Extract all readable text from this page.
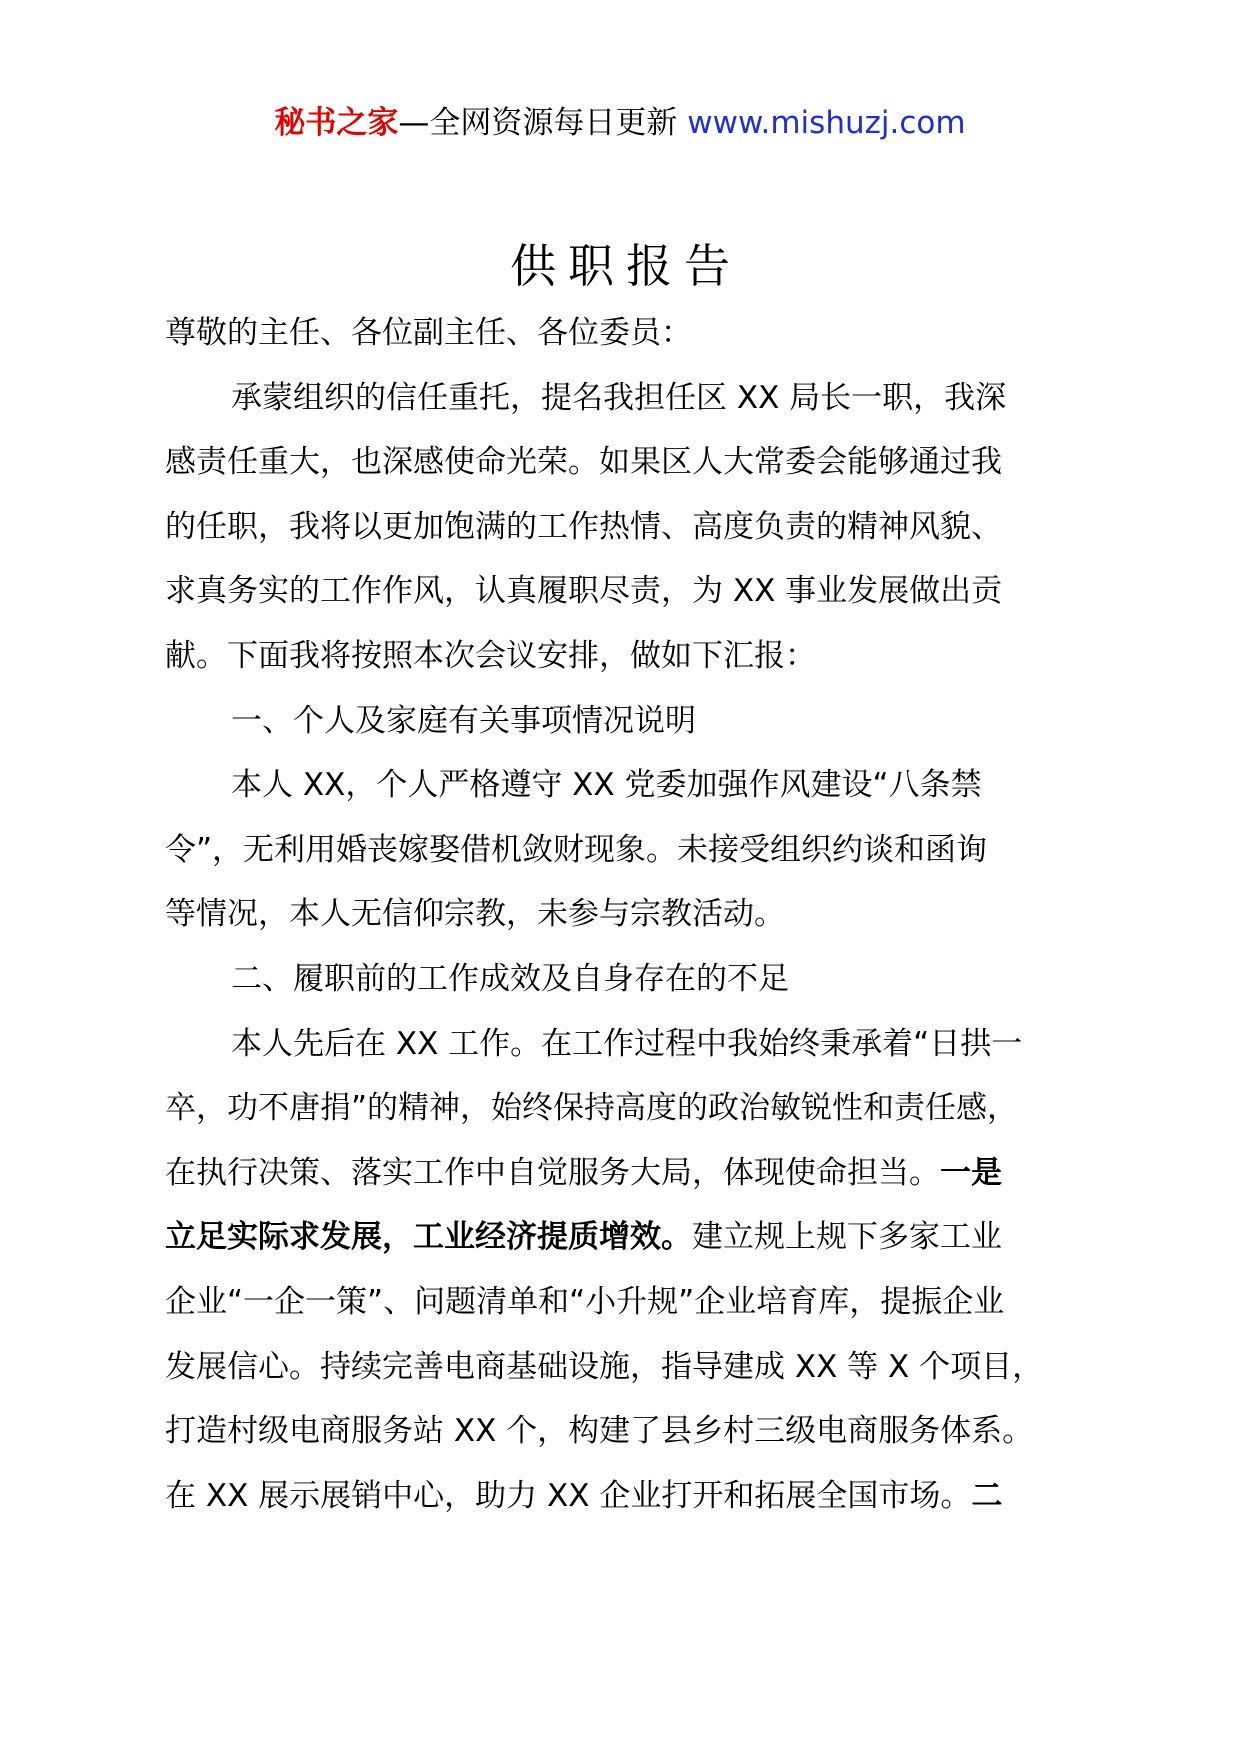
秘书之家—全网资源每日更新 www.mishuzj.com
供职报告
尊敬的主任、各位副主任、各位委员：
承蒙组织的信任重托，提名我担任区 XX 局长一职，我深
感责任重大，也深感使命光荣。如果区人大常委会能够通过我
的任职，我将以更加饱满的工作热情、高度负责的精神风貌、
求真务实的工作作风，认真履职尽责，为 XX 事业发展做出贡
献。下面我将按照本次会议安排，做如下汇报：
一、个人及家庭有关事项情况说明
本人 XX，个人严格遵守 XX 党委加强作风建设“八条禁
令”，无利用婚丧嫁娶借机敛财现象。未接受组织约谈和函询
等情况，本人无信仰宗教，未参与宗教活动。
二、履职前的工作成效及自身存在的不足
本人先后在 XX 工作。在工作过程中我始终秉承着“日拱一
卒，功不唐捐”的精神，始终保持高度的政治敏锐性和责任感，
在执行决策、落实工作中自觉服务大局，体现使命担当。一是
立足实际求发展，工业经济提质增效。建立规上规下多家工业
企业“一企一策”、问题清单和“小升规”企业培育库，提振企业
发展信心。持续完善电商基础设施，指导建成 XX 等 X 个项目，
打造村级电商服务站 XX 个，构建了县乡村三级电商服务体系。
在 XX 展示展销中心，助力 XX 企业打开和拓展全国市场。二
